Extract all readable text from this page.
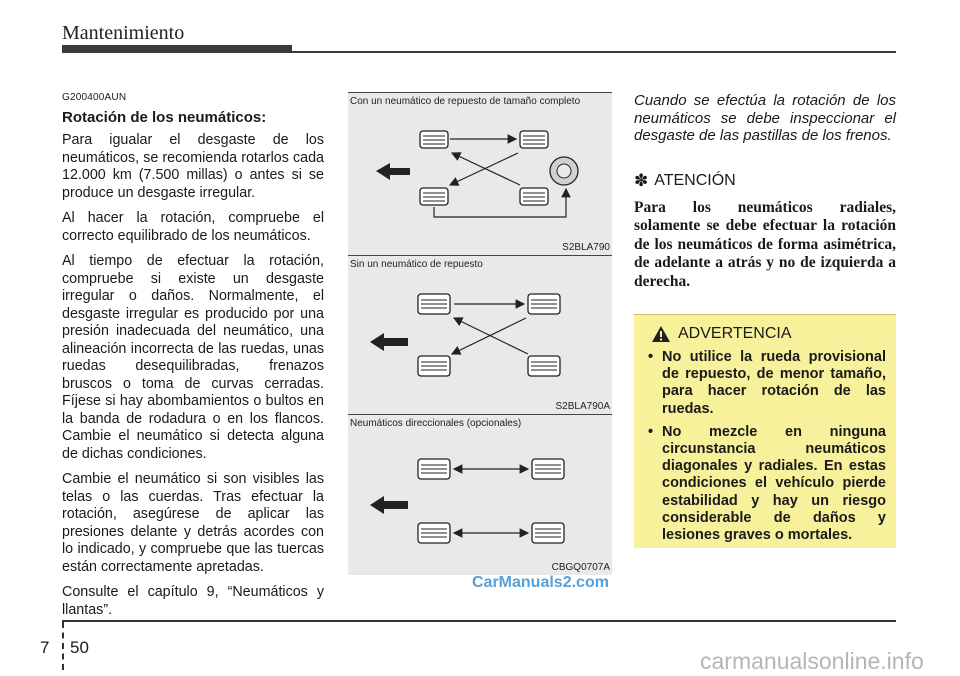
Mantenimiento
G200400AUN
Rotación de los neumáticos:

Para igualar el desgaste de los neumáticos, se recomienda rotarlos cada 12.000 km (7.500 millas) o antes si se produce un desgaste irregular.

Al hacer la rotación, compruebe el correcto equilibrado de los neumáticos.

Al tiempo de efectuar la rotación, compruebe si existe un desgaste irregular o daños. Normalmente, el desgaste irregular es producido por una presión inadecuada del neumático, una alineación incorrecta de las ruedas, unas ruedas desequilibradas, frenazos bruscos o toma de curvas cerradas. Fíjese si hay abombamientos o bultos en la banda de rodadura o en los flancos. Cambie el neumático si detecta alguna de dichas condiciones.

Cambie el neumático si son visibles las telas o las cuerdas. Tras efectuar la rotación, asegúrese de aplicar las presiones delante y detrás acordes con lo indicado, y compruebe que las tuercas están correctamente apretadas.

Consulte el capítulo 9, “Neumáticos y llantas”.

Con un neumático de repuesto de tamaño completo
S2BLA790
Sin un neumático de repuesto
S2BLA790A
Neumáticos direccionales (opcionales)
CBGQ0707A

Cuando se efectúa la rotación de los neumáticos se debe inspeccionar el desgaste de las pastillas de los frenos.

✽ ATENCIÓN

Para los neumáticos radiales, solamente se debe efectuar la rotación de los neumáticos de forma asimétrica, de adelante a atrás y no de izquierda a derecha.

ADVERTENCIA
• No utilice la rueda provisional de repuesto, de menor tamaño, para hacer rotación de las ruedas.
• No mezcle en ninguna circunstancia neumáticos diagonales y radiales. En estas condiciones el vehículo pierde estabilidad y hay un riesgo considerable de daños y lesiones graves o mortales.
CarManuals2.com
7 50
carmanualsonline.info
